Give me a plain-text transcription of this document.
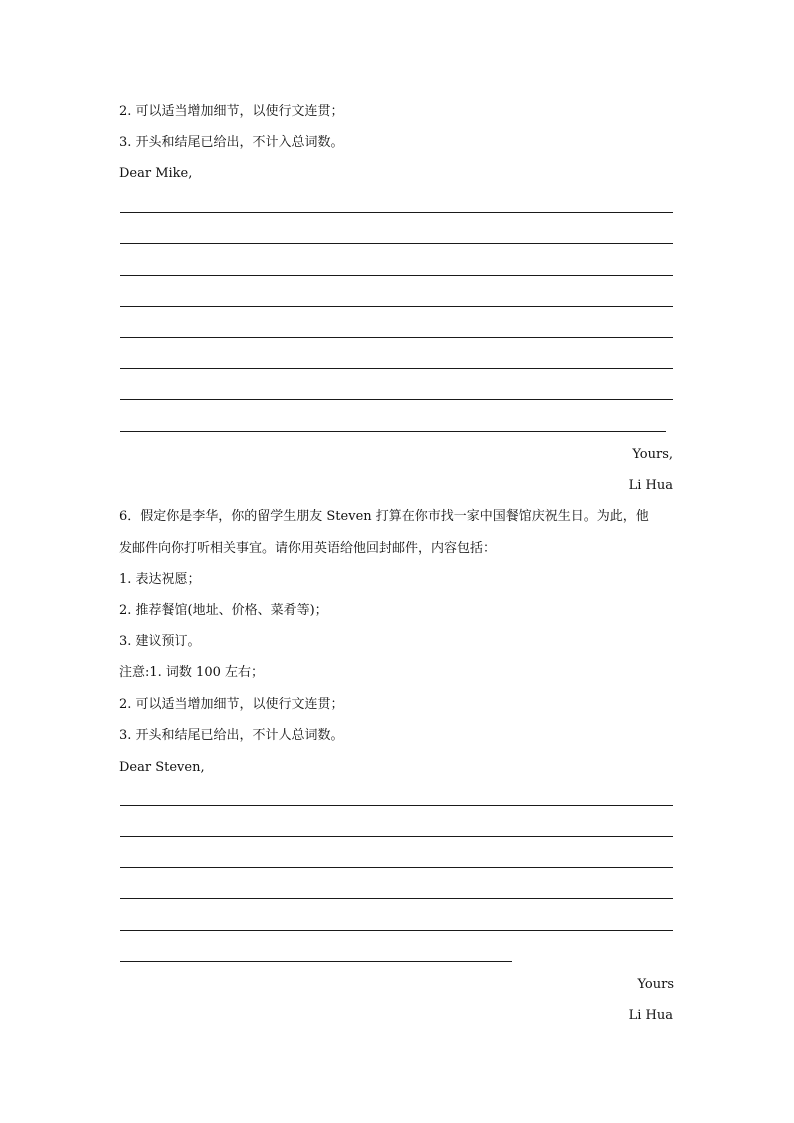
2. 可以适当增加细节，以使行文连贯；
3. 开头和结尾已给出，不计入总词数。
Dear Mike,
Yours,
Li Hua
6．假定你是李华，你的留学生朋友 Steven 打算在你市找一家中国餐馆庆祝生日。为此，他
发邮件向你打听相关事宜。请你用英语给他回封邮件，内容包括：
1. 表达祝愿；
2. 推荐餐馆(地址、价格、菜肴等)；
3. 建议预订。
注意:1. 词数 100 左右；
2. 可以适当增加细节，以使行文连贯；
3. 开头和结尾已给出，不计人总词数。
Dear Steven,
Yours
Li Hua
